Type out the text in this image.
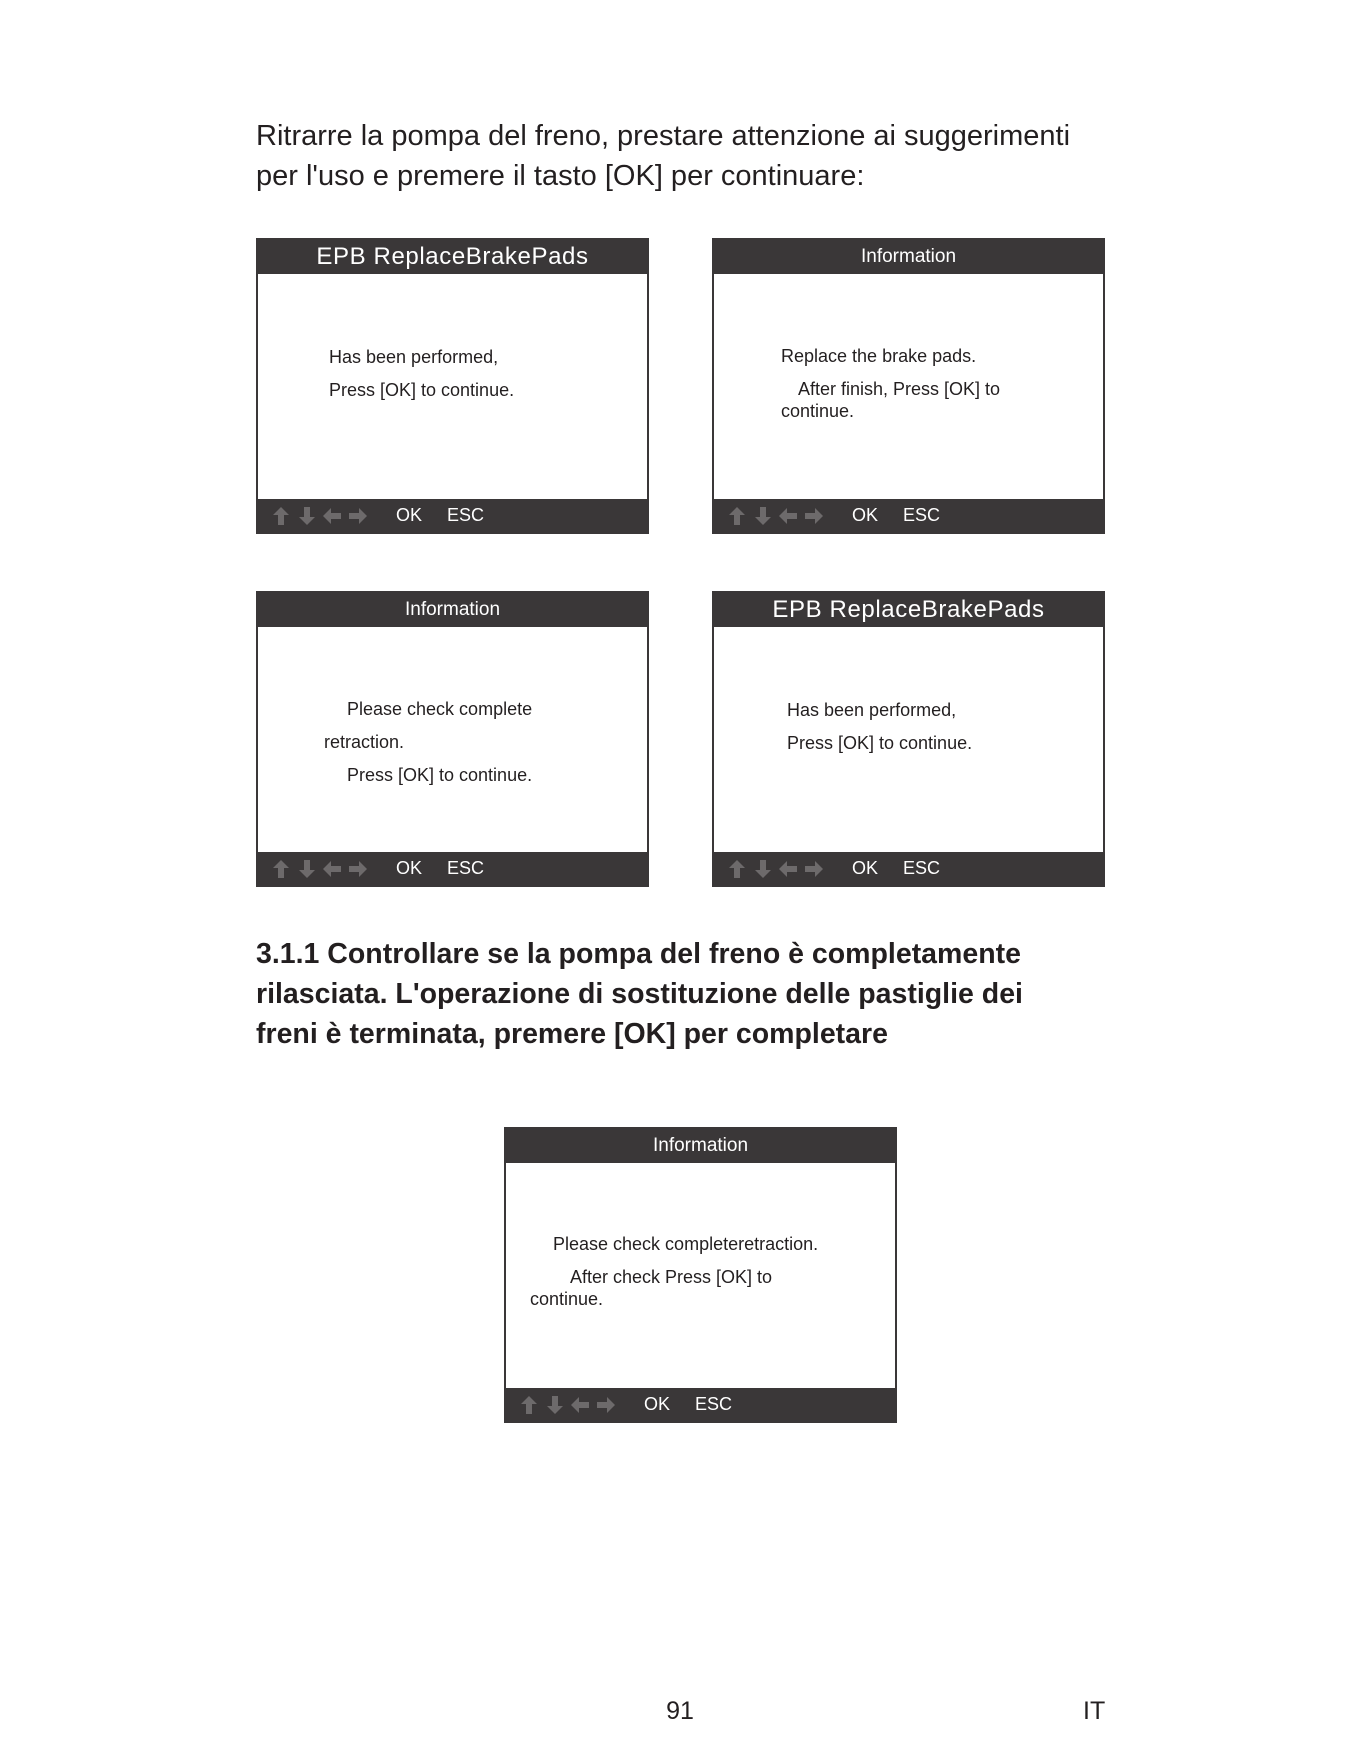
Ritrarre la pompa del freno, prestare attenzione ai suggerimenti
per l'uso e premere il tasto [OK] per continuare:

EPB ReplaceBrakePads
Has been performed,
Press [OK] to continue.
OK ESC
Information
Replace the brake pads.
After finish, Press [OK] to
continue.
OK ESC
Information
Please check complete
retraction.
Press [OK] to continue.
OK ESC
EPB ReplaceBrakePads
Has been performed,
Press [OK] to continue.
OK ESC
3.1.1 Controllare se la pompa del freno è completamente
rilasciata. L'operazione di sostituzione delle pastiglie dei
freni è terminata, premere [OK] per completare
Information
Please check completeretraction.
After check Press [OK] to
continue.
OK ESC
91	IT
